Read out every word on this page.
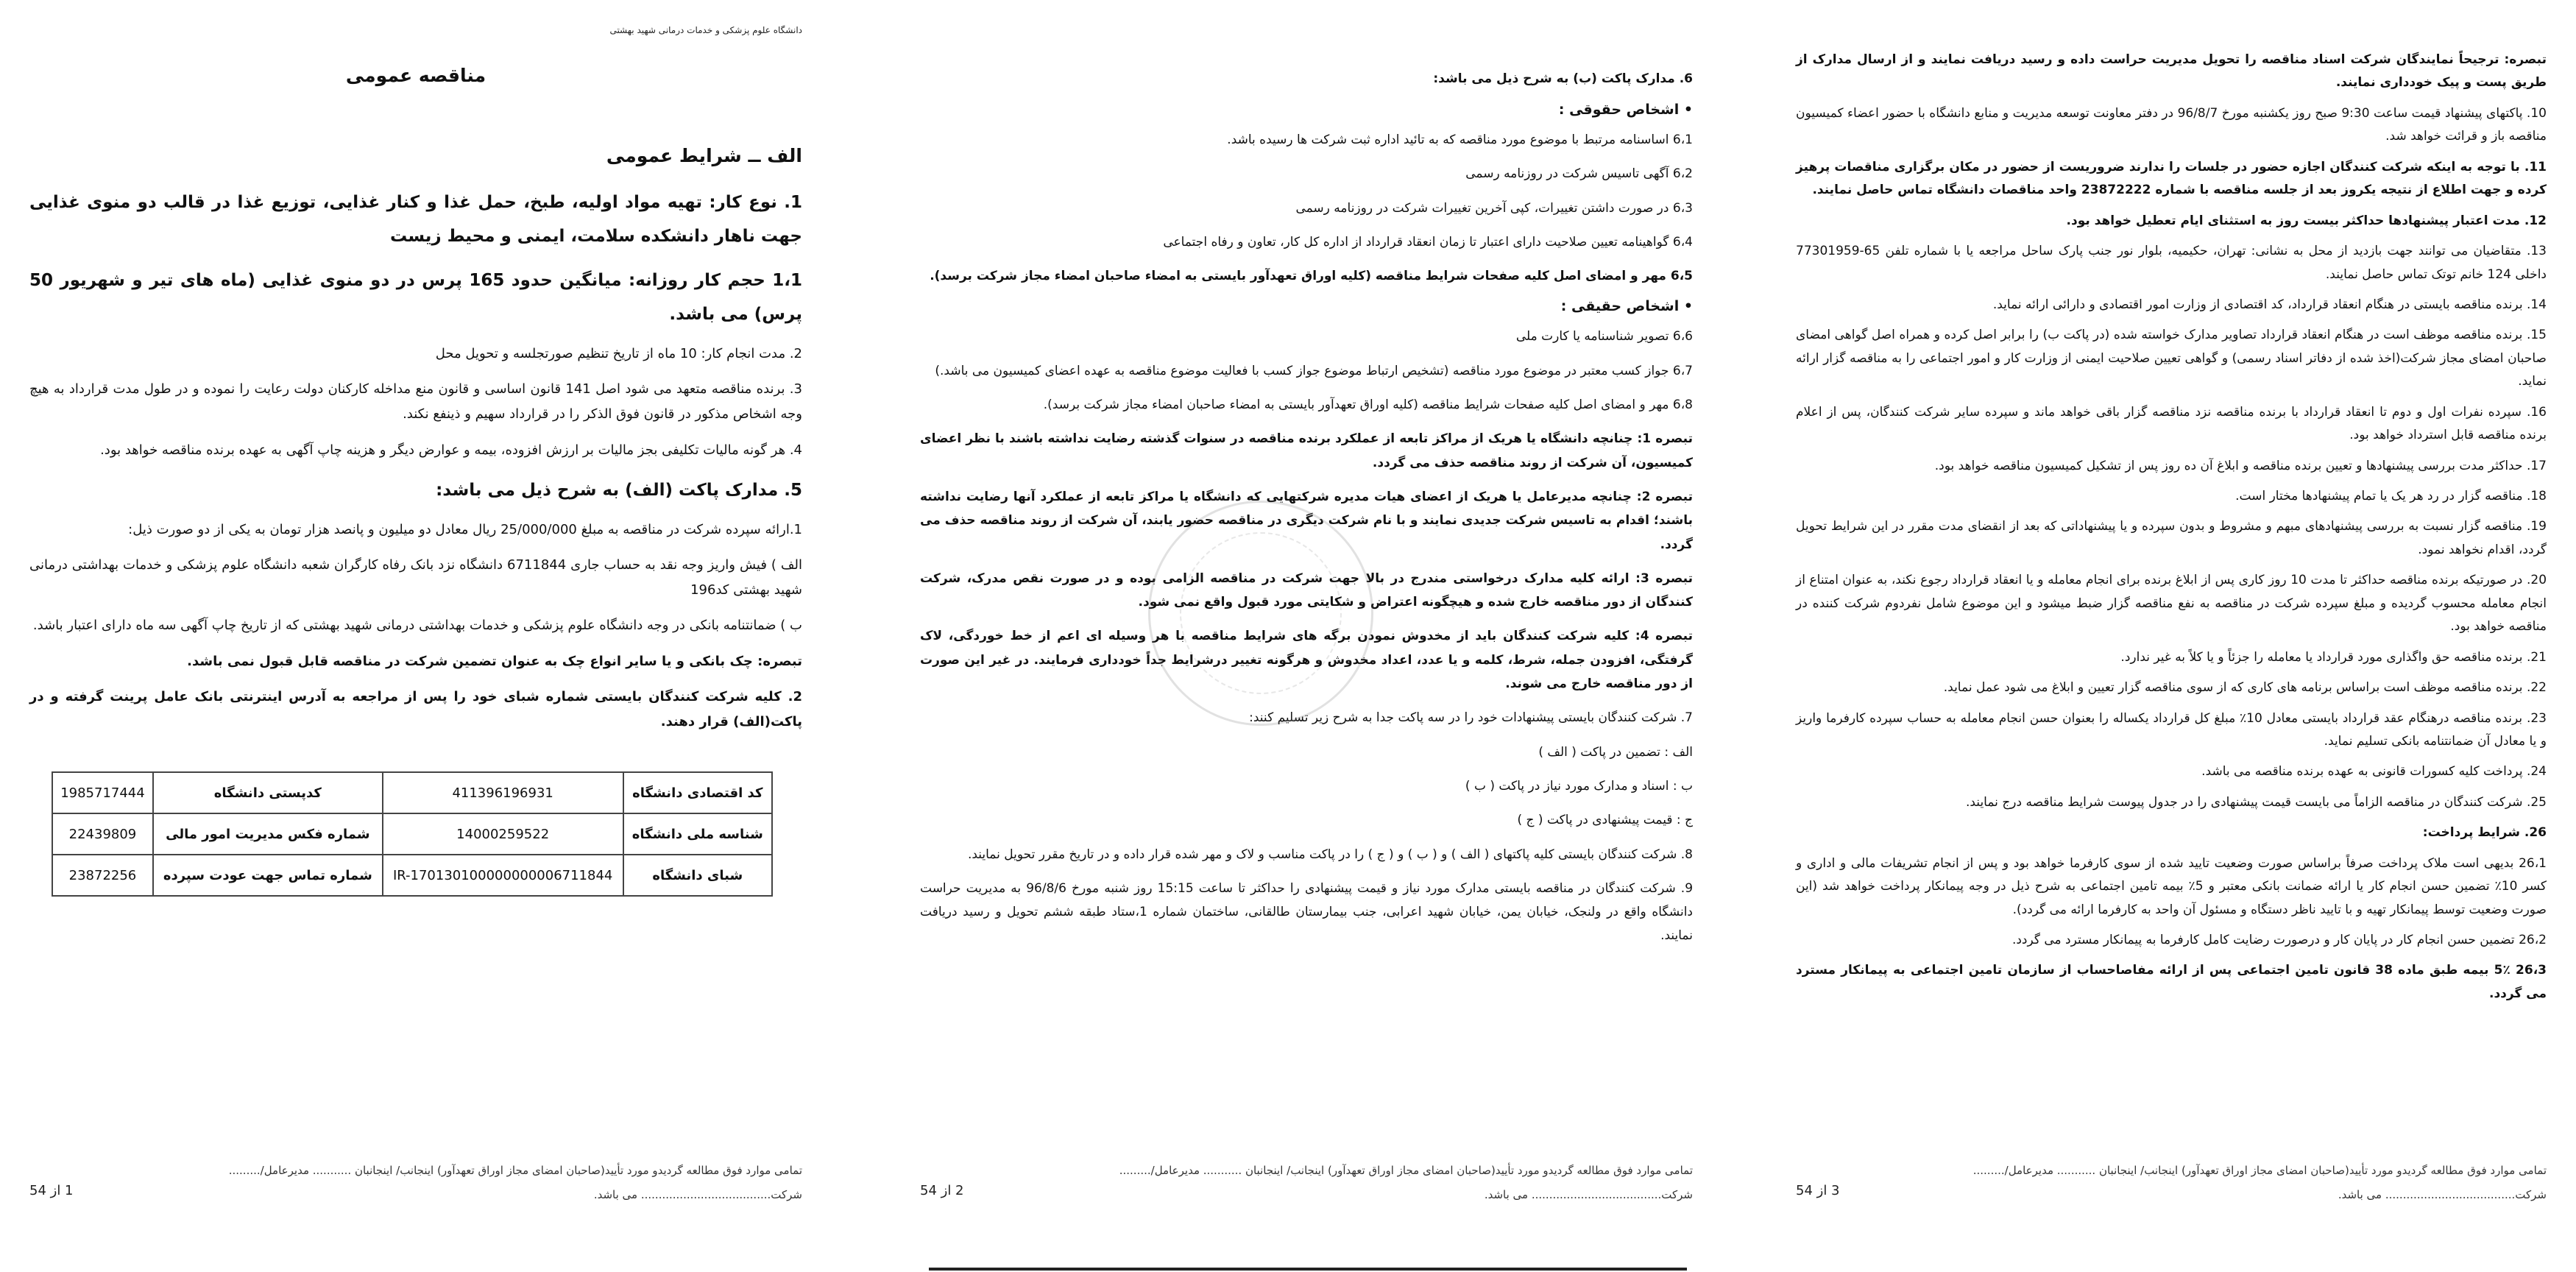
دانشگاه علوم پزشکی و خدمات درمانی شهید بهشتی
مناقصه عمومی
الف ــ شرایط عمومی
1. نوع کار: تهیه مواد اولیه، طبخ، حمل غذا و کنار غذایی، توزیع غذا در قالب دو منوی غذایی جهت ناهار دانشکده سلامت، ایمنی و محیط زیست
1،1 حجم کار روزانه: میانگین حدود 165 پرس در دو منوی غذایی (ماه های تیر و شهریور 50 پرس) می باشد.
2. مدت انجام کار: 10 ماه از تاریخ تنظیم صورتجلسه و تحویل محل
3. برنده مناقصه متعهد می شود اصل 141 قانون اساسی و قانون منع مداخله کارکنان دولت رعایت را نموده و در طول مدت قرارداد به هیچ وجه اشخاص مذکور در قانون فوق الذکر را در قرارداد سهیم و ذینفع نکند.
4. هر گونه مالیات تکلیفی بجز مالیات بر ارزش افزوده، بیمه و عوارض دیگر و هزینه چاپ آگهی به عهده برنده مناقصه خواهد بود.
5. مدارک پاکت (الف) به شرح ذیل می باشد:
1.ارائه سپرده شرکت در مناقصه به مبلغ 25/000/000 ریال معادل دو میلیون و پانصد هزار تومان به یکی از دو صورت ذیل:
الف ) فیش واریز وجه نقد به حساب جاری 6711844 دانشگاه نزد بانک رفاه کارگران شعبه دانشگاه علوم پزشکی و خدمات بهداشتی درمانی شهید بهشتی کد196
ب ) ضمانتنامه بانکی در وجه دانشگاه علوم پزشکی و خدمات بهداشتی درمانی شهید بهشتی که از تاریخ چاپ آگهی سه ماه دارای اعتبار باشد.
تبصره: چک بانکی و یا سایر انواع چک به عنوان تضمین شرکت در مناقصه قابل قبول نمی باشد.
2. کلیه شرکت کنندگان بایستی شماره شبای خود را پس از مراجعه به آدرس اینترنتی بانک عامل پرینت گرفته و در پاکت(الف) قرار دهند.
کد اقتصادی دانشگاه	411396196931	کدپستی دانشگاه	1985717444
شناسه ملی دانشگاه	14000259522	شماره فکس مدیریت امور مالی	22439809
شبای دانشگاه	IR-170130100000000006711844	شماره تماس جهت عودت سپرده	23872256
تمامی موارد فوق مطالعه گردیدو مورد تأیید(صاحبان امضای مجاز اوراق تعهدآور) اینجانب/ اینجانبان ........... مدیرعامل/.........
شرکت..................................... می باشد.
1 از 54
6. مدارک پاکت (ب) به شرح ذیل می باشد:
• اشخاص حقوقی :
6،1 اساسنامه مرتبط با موضوع مورد مناقصه که به تائید اداره ثبت شرکت ها رسیده باشد.
6،2 آگهی تاسیس شرکت در روزنامه رسمی
6،3 در صورت داشتن تغییرات، کپی آخرین تغییرات شرکت در روزنامه رسمی
6،4 گواهینامه تعیین صلاحیت دارای اعتبار تا زمان انعقاد قرارداد از اداره کل کار، تعاون و رفاه اجتماعی
6،5 مهر و امضای اصل کلیه صفحات شرایط مناقصه (کلیه اوراق تعهدآور بایستی به امضاء صاحبان امضاء مجاز شرکت برسد).
• اشخاص حقیقی :
6،6 تصویر شناسنامه یا کارت ملی
6،7 جواز کسب معتبر در موضوع مورد مناقصه (تشخیص ارتباط موضوع جواز کسب با فعالیت موضوع مناقصه به عهده اعضای کمیسیون می باشد.)
6،8 مهر و امضای اصل کلیه صفحات شرایط مناقصه (کلیه اوراق تعهدآور بایستی به امضاء صاحبان امضاء مجاز شرکت برسد).
تبصره 1: چنانچه دانشگاه یا هریک از مراکز تابعه از عملکرد برنده مناقصه در سنوات گذشته رضایت نداشته باشند با نظر اعضای کمیسیون، آن شرکت از روند مناقصه حذف می گردد.
تبصره 2: چنانچه مدیرعامل یا هریک از اعضای هیات مدیره شرکتهایی که دانشگاه یا مراکز تابعه از عملکرد آنها رضایت نداشته باشند؛ اقدام به تاسیس شرکت جدیدی نمایند و با نام شرکت دیگری در مناقصه حضور یابند، آن شرکت از روند مناقصه حذف می گردد.
تبصره 3: ارائه کلیه مدارک درخواستی مندرج در بالا جهت شرکت در مناقصه الزامی بوده و در صورت نقص مدرک، شرکت کنندگان از دور مناقصه خارج شده و هیچگونه اعتراض و شکایتی مورد قبول واقع نمی شود.
تبصره 4: کلیه شرکت کنندگان باید از مخدوش نمودن برگه های شرایط مناقصه با هر وسیله ای اعم از خط خوردگی، لاک گرفتگی، افزودن جمله، شرط، کلمه و یا عدد، اعداد مخدوش و هرگونه تغییر درشرایط جداً خودداری فرمایند. در غیر این صورت از دور مناقصه خارج می شوند.
7. شرکت کنندگان بایستی پیشنهادات خود را در سه پاکت جدا به شرح زیر تسلیم کنند:
الف : تضمین در پاکت ( الف )
ب : اسناد و مدارک مورد نیاز در پاکت ( ب )
ج : قیمت پیشنهادی در پاکت ( ج )
8. شرکت کنندگان بایستی کلیه پاکتهای ( الف ) و ( ب ) و ( ج ) را در پاکت مناسب و لاک و مهر شده قرار داده و در تاریخ مقرر تحویل نمایند.
9. شرکت کنندگان در مناقصه بایستی مدارک مورد نیاز و قیمت پیشنهادی را حداکثر تا ساعت 15:15 روز شنبه مورخ 96/8/6 به مدیریت حراست دانشگاه واقع در ولنجک، خیابان یمن، خیابان شهید اعرابی، جنب بیمارستان طالقانی، ساختمان شماره 1،ستاد طبقه ششم تحویل و رسید دریافت نمایند.
تمامی موارد فوق مطالعه گردیدو مورد تأیید(صاحبان امضای مجاز اوراق تعهدآور) اینجانب/ اینجانبان ........... مدیرعامل/.........
شرکت..................................... می باشد.
2 از 54
تبصره: ترجیحاً نمایندگان شرکت اسناد مناقصه را تحویل مدیریت حراست داده و رسید دریافت نمایند و از ارسال مدارک از طریق پست و پیک خودداری نمایند.
10. پاکتهای پیشنهاد قیمت ساعت 9:30 صبح روز یکشنبه مورخ 96/8/7 در دفتر معاونت توسعه مدیریت و منابع دانشگاه با حضور اعضاء کمیسیون مناقصه باز و قرائت خواهد شد.
11. با توجه به اینکه شرکت کنندگان اجازه حضور در جلسات را ندارند ضروریست از حضور در مکان برگزاری مناقصات پرهیز کرده و جهت اطلاع از نتیجه یکروز بعد از جلسه مناقصه با شماره 23872222 واحد مناقصات دانشگاه تماس حاصل نمایند.
12. مدت اعتبار پیشنهادها حداکثر بیست روز به استثنای ایام تعطیل خواهد بود.
13. متقاضیان می توانند جهت بازدید از محل به نشانی: تهران، حکیمیه، بلوار نور جنب پارک ساحل مراجعه یا با شماره تلفن 65-77301959 داخلی 124 خانم توتک تماس حاصل نمایند.
14. برنده مناقصه بایستی در هنگام انعقاد قرارداد، کد اقتصادی از وزارت امور اقتصادی و دارائی ارائه نماید.
15. برنده مناقصه موظف است در هنگام انعقاد قرارداد تصاویر مدارک خواسته شده (در پاکت ب) را برابر اصل کرده و همراه اصل گواهی امضای صاحبان امضای مجاز شرکت(اخذ شده از دفاتر اسناد رسمی) و گواهی تعیین صلاحیت ایمنی از وزارت کار و امور اجتماعی را به مناقصه گزار ارائه نماید.
16. سپرده نفرات اول و دوم تا انعقاد قرارداد با برنده مناقصه نزد مناقصه گزار باقی خواهد ماند و سپرده سایر شرکت کنندگان، پس از اعلام برنده مناقصه قابل استرداد خواهد بود.
17. حداکثر مدت بررسی پیشنهادها و تعیین برنده مناقصه و ابلاغ آن ده روز پس از تشکیل کمیسیون مناقصه خواهد بود.
18. مناقصه گزار در رد هر یک یا تمام پیشنهادها مختار است.
19. مناقصه گزار نسبت به بررسی پیشنهادهای مبهم و مشروط و بدون سپرده و یا پیشنهاداتی که بعد از انقضای مدت مقرر در این شرایط تحویل گردد، اقدام نخواهد نمود.
20. در صورتیکه برنده مناقصه حداکثر تا مدت 10 روز کاری پس از ابلاغ برنده برای انجام معامله و یا انعقاد قرارداد رجوع نکند، به عنوان امتناع از انجام معامله محسوب گردیده و مبلغ سپرده شرکت در مناقصه به نفع مناقصه گزار ضبط میشود و این موضوع شامل نفردوم شرکت کننده در مناقصه خواهد بود.
21. برنده مناقصه حق واگذاری مورد قرارداد یا معامله را جزئاً و یا کلاً به غیر ندارد.
22. برنده مناقصه موظف است براساس برنامه های کاری که از سوی مناقصه گزار تعیین و ابلاغ می شود عمل نماید.
23. برنده مناقصه درهنگام عقد قرارداد بایستی معادل 10٪ مبلغ کل قرارداد یکساله را بعنوان حسن انجام معامله به حساب سپرده کارفرما واریز و یا معادل آن ضمانتنامه بانکی تسلیم نماید.
24. پرداخت کلیه کسورات قانونی به عهده برنده مناقصه می باشد.
25. شرکت کنندگان در مناقصه الزاماً می بایست قیمت پیشنهادی را در جدول پیوست شرایط مناقصه درج نمایند.
26. شرایط پرداخت:
26،1 بدیهی است ملاک پرداخت صرفاً براساس صورت وضعیت تایید شده از سوی کارفرما خواهد بود و پس از انجام تشریفات مالی و اداری و کسر 10٪ تضمین حسن انجام کار یا ارائه ضمانت بانکی معتبر و 5٪ بیمه تامین اجتماعی به شرح ذیل در وجه پیمانکار پرداخت خواهد شد (این صورت وضعیت توسط پیمانکار تهیه و با تایید ناظر دستگاه و مسئول آن واحد به کارفرما ارائه می گردد).
26،2 تضمین حسن انجام کار در پایان کار و درصورت رضایت کامل کارفرما به پیمانکار مسترد می گردد.
26،3 5٪ بیمه طبق ماده 38 قانون تامین اجتماعی پس از ارائه مفاصاحساب از سازمان تامین اجتماعی به پیمانکار مسترد می گردد.
تمامی موارد فوق مطالعه گردیدو مورد تأیید(صاحبان امضای مجاز اوراق تعهدآور) اینجانب/ اینجانبان ........... مدیرعامل/.........
شرکت..................................... می باشد.
3 از 54
